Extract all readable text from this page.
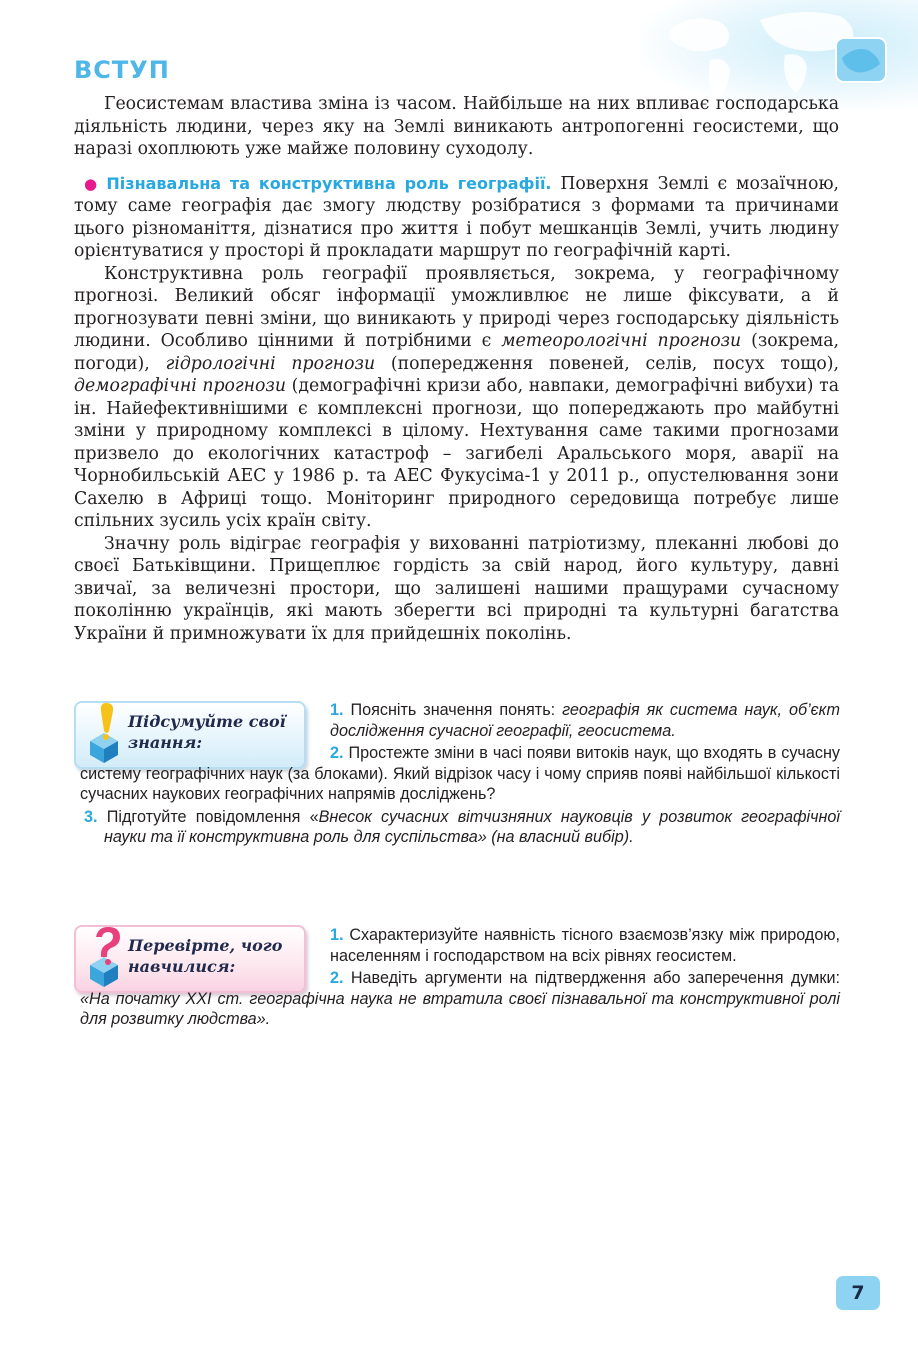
ВСТУП

Геосистемам властива зміна із часом. Найбільше на них впливає господарська діяльність людини, через яку на Землі виникають антропогенні геосистеми, що наразі охоплюють уже майже половину суходолу.

● Пізнавальна та конструктивна роль географії. Поверхня Землі є мозаїчною, тому саме географія дає змогу людству розібратися з формами та причинами цього різноманіття, дізнатися про життя і побут мешканців Землі, учить людину орієнтуватися у просторі й прокладати маршрут по географічній карті.

Конструктивна роль географії проявляється, зокрема, у географічному прогнозі. Великий обсяг інформації уможливлює не лише фіксувати, а й прогнозувати певні зміни, що виникають у природі через господарську діяльність людини. Особливо цінними й потрібними є метеорологічні прогнози (зокрема, погоди), гідрологічні прогнози (попередження повеней, селів, посух тощо), демографічні прогнози (демографічні кризи або, навпаки, демографічні вибухи) та ін. Найефективнішими є комплексні прогнози, що попереджають про майбутні зміни у природному комплексі в цілому. Нехтування саме такими прогнозами призвело до екологічних катастроф – загибелі Аральського моря, аварії на Чорнобильській АЕС у 1986 р. та АЕС Фукусіма-1 у 2011 р., опустелювання зони Сахелю в Африці тощо. Моніторинг природного середовища потребує лише спільних зусиль усіх країн світу.

Значну роль відіграє географія у вихованні патріотизму, плеканні любові до своєї Батьківщини. Прищеплює гордість за свій народ, його культуру, давні звичаї, за величезні простори, що залишені нашими пращурами сучасному поколінню українців, які мають зберегти всі природні та культурні багатства України й примножувати їх для прийдешніх поколінь.

Підсумуйте свої знання:

1. Поясніть значення понять: географія як система наук, об’єкт дослідження сучасної географії, геосистема.

2. Простежте зміни в часі появи витоків наук, що входять в сучасну систему географічних наук (за блоками). Який відрізок часу і чому сприяв появі найбільшої кількості сучасних наукових географічних напрямів досліджень?

3. Підготуйте повідомлення «Внесок сучасних вітчизняних науковців у розвиток географічної науки та її конструктивна роль для суспільства» (на власний вибір).

Перевірте, чого навчилися:

1. Схарактеризуйте наявність тісного взаємозв’язку між природою, населенням і господарством на всіх рівнях геосистем.

2. Наведіть аргументи на підтвердження або заперечення думки: «На початку XXI ст. географічна наука не втратила своєї пізнавальної та конструктивної ролі для розвитку людства».

7
